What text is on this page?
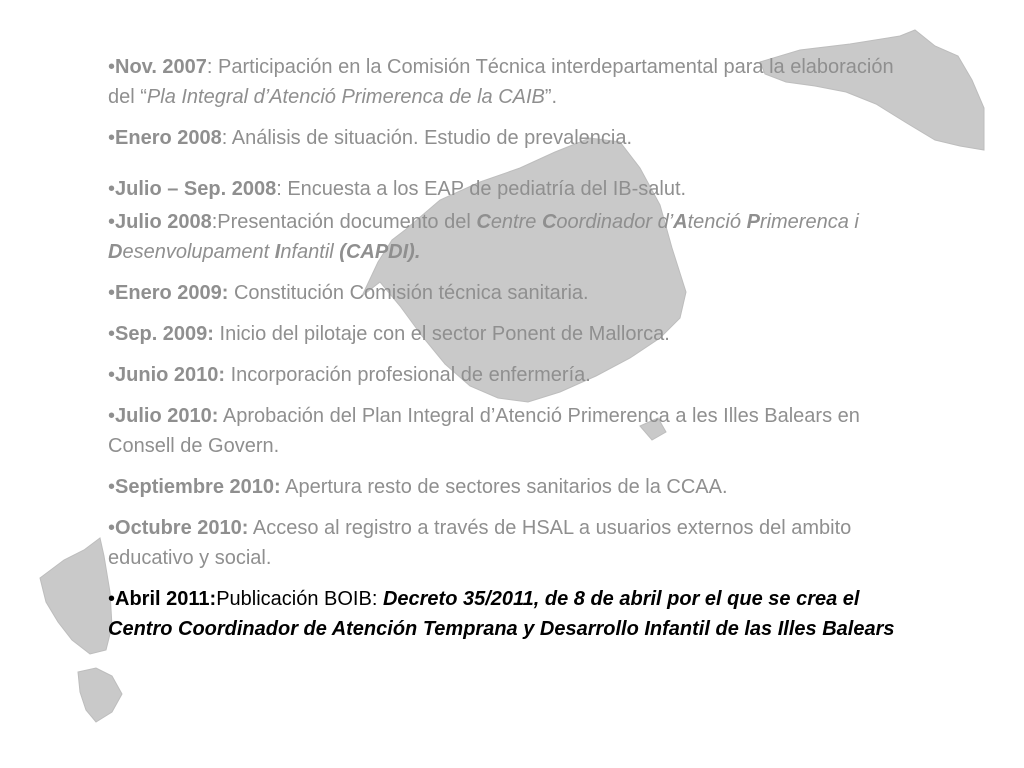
•Nov. 2007: Participación en la Comisión Técnica interdepartamental para la elaboración del “Pla Integral d’Atenció Primerenca de la CAIB”.
•Enero 2008: Análisis de situación. Estudio de prevalencia.
•Julio – Sep. 2008: Encuesta a los EAP de pediatría del IB-salut.
•Julio 2008:Presentación documento del Centre Coordinador d’Atenció Primerenca i Desenvolupament Infantil (CAPDI).
•Enero 2009: Constitución Comisión técnica sanitaria.
•Sep. 2009: Inicio del pilotaje con el sector Ponent de Mallorca.
•Junio 2010: Incorporación profesional de enfermería.
•Julio 2010: Aprobación del Plan Integral d’Atenció Primerenca a les Illes Balears en Consell de Govern.
•Septiembre 2010: Apertura resto de sectores sanitarios de la CCAA.
•Octubre 2010: Acceso al registro a través de HSAL a usuarios externos del ambito educativo y social.
•Abril 2011:Publicación BOIB: Decreto 35/2011, de 8 de abril por el que se crea el Centro Coordinador de Atención Temprana y Desarrollo Infantil de las Illes Balears
